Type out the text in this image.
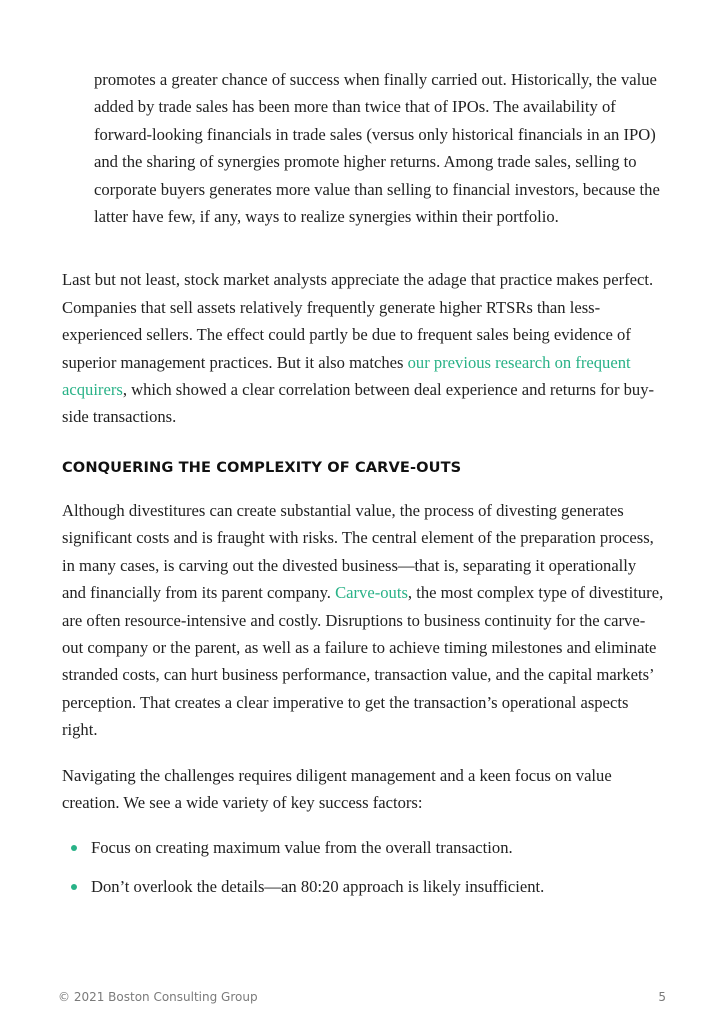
promotes a greater chance of success when finally carried out. Historically, the value added by trade sales has been more than twice that of IPOs. The availability of forward-looking financials in trade sales (versus only historical financials in an IPO) and the sharing of synergies promote higher returns. Among trade sales, selling to corporate buyers generates more value than selling to financial investors, because the latter have few, if any, ways to realize synergies within their portfolio.

Last but not least, stock market analysts appreciate the adage that practice makes perfect. Companies that sell assets relatively frequently generate higher RTSRs than less-experienced sellers. The effect could partly be due to frequent sales being evidence of superior management practices. But it also matches our previous research on frequent acquirers, which showed a clear correlation between deal experience and returns for buy-side transactions.

CONQUERING THE COMPLEXITY OF CARVE-OUTS

Although divestitures can create substantial value, the process of divesting generates significant costs and is fraught with risks. The central element of the preparation process, in many cases, is carving out the divested business—that is, separating it operationally and financially from its parent company. Carve-outs, the most complex type of divestiture, are often resource-intensive and costly. Disruptions to business continuity for the carve-out company or the parent, as well as a failure to achieve timing milestones and eliminate stranded costs, can hurt business performance, transaction value, and the capital markets’ perception. That creates a clear imperative to get the transaction’s operational aspects right.

Navigating the challenges requires diligent management and a keen focus on value creation. We see a wide variety of key success factors:

Focus on creating maximum value from the overall transaction.
Don’t overlook the details—an 80:20 approach is likely insufficient.
© 2021 Boston Consulting Group	5
